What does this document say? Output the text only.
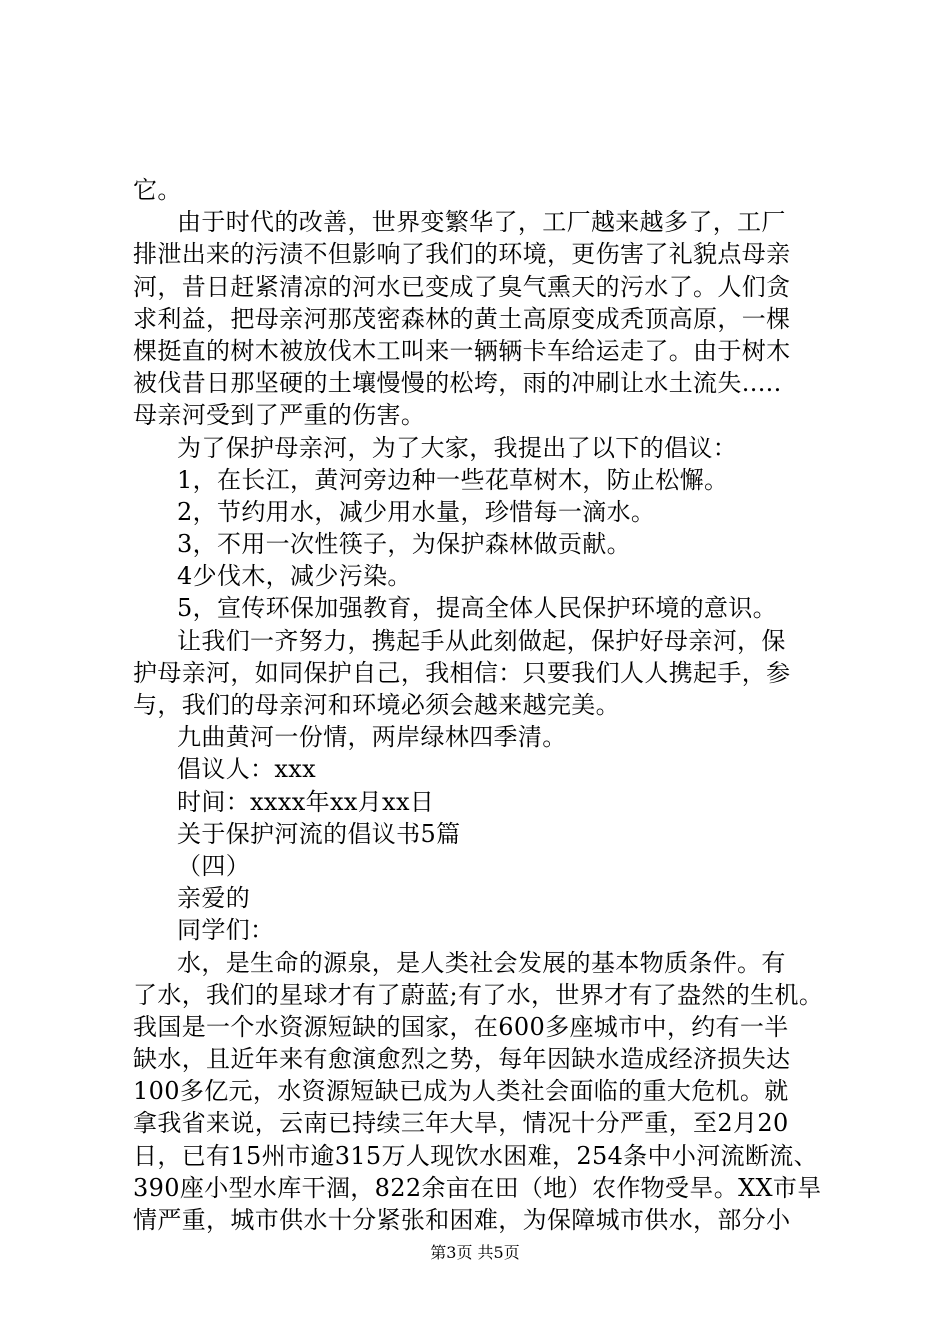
它。
由于时代的改善，世界变繁华了，工厂越来越多了，工厂
排泄出来的污渍不但影响了我们的环境，更伤害了礼貌点母亲
河，昔日赶紧清凉的河水已变成了臭气熏天的污水了。人们贪
求利益，把母亲河那茂密森林的黄土高原变成秃顶高原，一棵
棵挺直的树木被放伐木工叫来一辆辆卡车给运走了。由于树木
被伐昔日那坚硬的土壤慢慢的松垮，雨的冲刷让水土流失.....
母亲河受到了严重的伤害。
为了保护母亲河，为了大家，我提出了以下的倡议：
1，在长江，黄河旁边种一些花草树木，防止松懈。
2，节约用水，减少用水量，珍惜每一滴水。
3，不用一次性筷子，为保护森林做贡献。
4少伐木，减少污染。
5，宣传环保加强教育，提高全体人民保护环境的意识。
让我们一齐努力，携起手从此刻做起，保护好母亲河，保
护母亲河，如同保护自己，我相信：只要我们人人携起手，参
与，我们的母亲河和环境必须会越来越完美。
九曲黄河一份情，两岸绿林四季清。
倡议人：xxx
时间：xxxx年xx月xx日
关于保护河流的倡议书5篇
（四）
亲爱的
同学们：
水，是生命的源泉，是人类社会发展的基本物质条件。有
了水，我们的星球才有了蔚蓝;有了水，世界才有了盎然的生机。
我国是一个水资源短缺的国家，在600多座城市中，约有一半
缺水，且近年来有愈演愈烈之势，每年因缺水造成经济损失达
100多亿元，水资源短缺已成为人类社会面临的重大危机。就
拿我省来说，云南已持续三年大旱，情况十分严重，至2月20
日，已有15州市逾315万人现饮水困难，254条中小河流断流、
390座小型水库干涸，822余亩在田（地）农作物受旱。XX市旱
情严重，城市供水十分紧张和困难，为保障城市供水，部分小
第3页 共5页
